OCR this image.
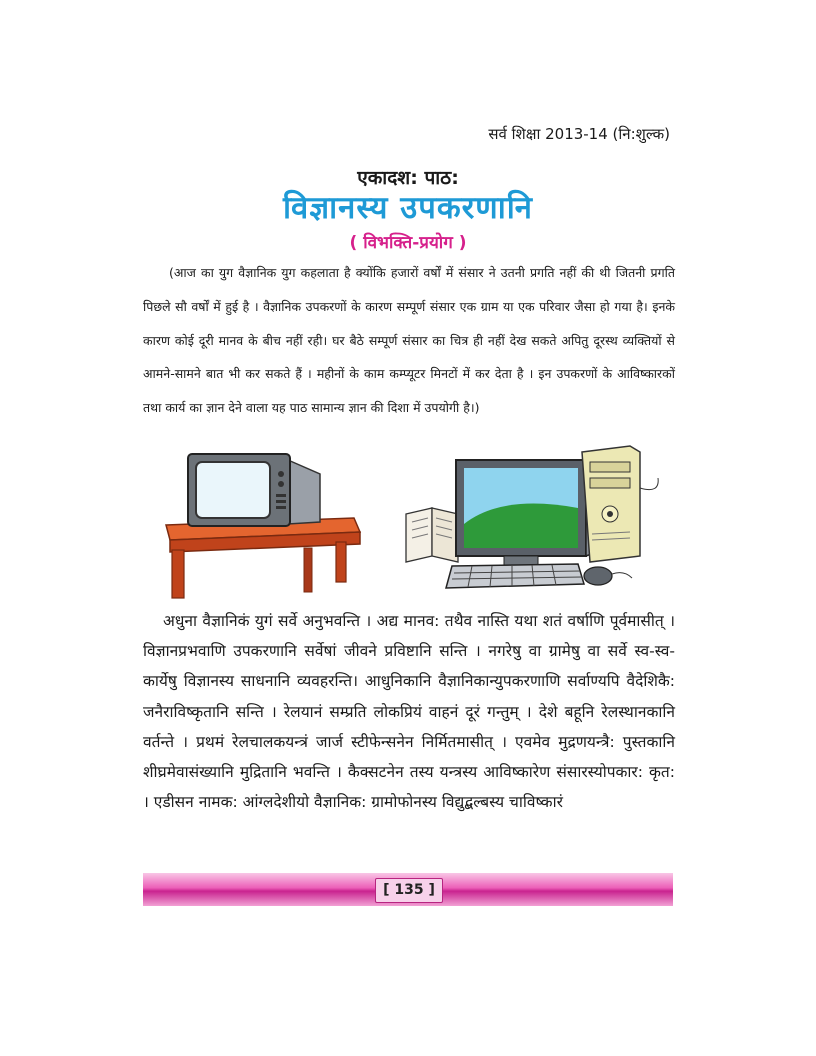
सर्व शिक्षा 2013-14 (नि:शुल्क)
एकादश: पाठ:
विज्ञानस्य उपकरणानि
( विभक्ति-प्रयोग )

(आज का युग वैज्ञानिक युग कहलाता है क्योंकि हजारों वर्षों में संसार ने उतनी प्रगति नहीं की थी जितनी प्रगति पिछले सौ वर्षों में हुई है । वैज्ञानिक उपकरणों के कारण सम्पूर्ण संसार एक ग्राम या एक परिवार जैसा हो गया है। इनके कारण कोई दूरी मानव के बीच नहीं रही। घर बैठे सम्पूर्ण संसार का चित्र ही नहीं देख सकते अपितु दूरस्थ व्यक्तियों से आमने-सामने बात भी कर सकते हैं । महीनों के काम कम्प्यूटर मिनटों में कर देता है । इन उपकरणों के आविष्कारकों तथा कार्य का ज्ञान देने वाला यह पाठ सामान्य ज्ञान की दिशा में उपयोगी है।)

अधुना वैज्ञानिकं युगं सर्वे अनुभवन्ति । अद्य मानव: तथैव नास्ति यथा शतं वर्षाणि पूर्वमासीत् । विज्ञानप्रभवाणि उपकरणानि सर्वेषां जीवने प्रविष्टानि सन्ति । नगरेषु वा ग्रामेषु वा सर्वे स्व-स्व-कार्येषु विज्ञानस्य साधनानि व्यवहरन्ति। आधुनिकानि वैज्ञानिकान्युपकरणाणि सर्वाण्यपि वैदेशिकै: जनैराविष्कृतानि सन्ति । रेलयानं सम्प्रति लोकप्रियं वाहनं दूरं गन्तुम् । देशे बहूनि रेलस्थानकानि वर्तन्ते । प्रथमं रेलचालकयन्त्रं जार्ज स्टीफेन्सनेन निर्मितमासीत् । एवमेव मुद्रणयन्त्रै: पुस्तकानि शीघ्रमेवासंख्यानि मुद्रितानि भवन्ति । कैक्सटनेन तस्य यन्त्रस्य आविष्कारेण संसारस्योपकार: कृत: । एडीसन नामक: आंग्लदेशीयो वैज्ञानिक: ग्रामोफोनस्य विद्युद्बल्बस्य चाविष्कारं

[ 135 ]
